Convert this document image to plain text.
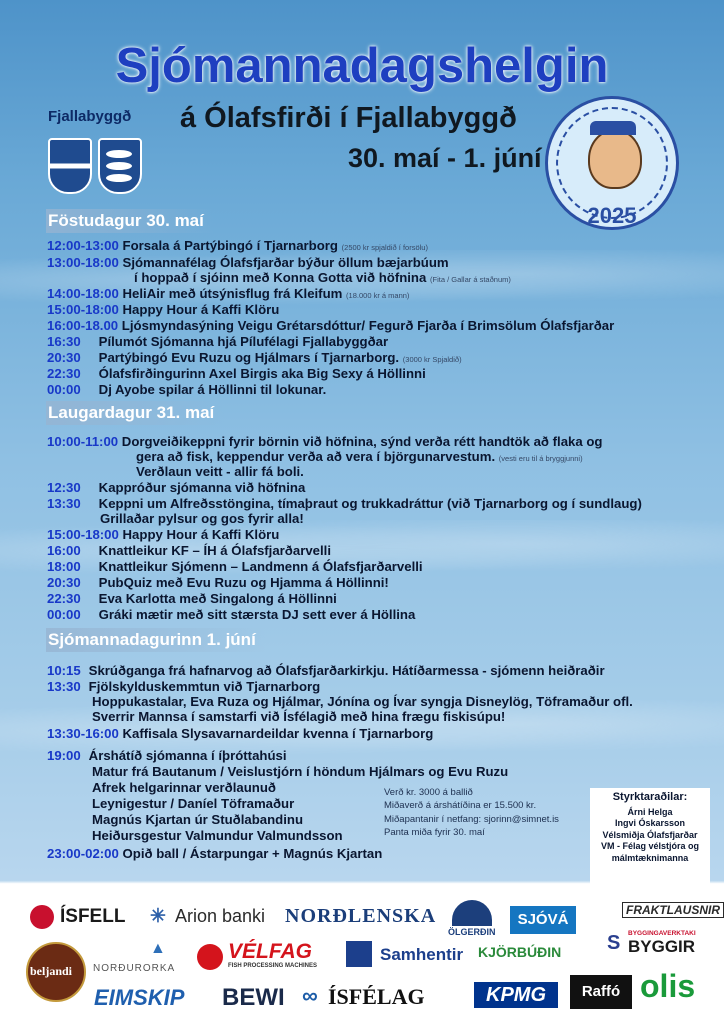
Sjómannadagshelgin
Fjallabyggð á Ólafsfirði í Fjallabyggð
30. maí - 1. júní
2025
Föstudagur 30. maí
12:00-13:00 Forsala á Partýbingó í Tjarnarborg (2500 kr spjaldið í forsölu)
13:00-18:00 Sjómannafélag Ólafsfjarðar býður öllum bæjarbúum
í hoppað í sjóinn með Konna Gotta við höfnina (Fita / Gallar á staðnum)
14:00-18:00 HeliAir með útsýnisflug frá Kleifum (18.000 kr á mann)
15:00-18:00 Happy Hour á Kaffi Klöru
16:00-18.00 Ljósmyndasýning Veigu Grétarsdóttur/ Fegurð Fjarða í Brimsölum Ólafsfjarðar
16:30 Pílumót Sjómanna hjá Pílufélagi Fjallabyggðar
20:30 Partýbingó Evu Ruzu og Hjálmars í Tjarnarborg. (3000 kr Spjaldið)
22:30 Ólafsfirðingurinn Axel Birgis aka Big Sexy á Höllinni
00:00 Dj Ayobe spilar á Höllinni til lokunar.
Laugardagur 31. maí
10:00-11:00 Dorgveiðikeppni fyrir börnin við höfnina, sýnd verða rétt handtök að flaka og
gera að fisk, keppendur verða að vera í björgunarvestum. (vesti eru til á bryggjunni)
Verðlaun veitt - allir fá boli.
12:30 Kappróður sjómanna við höfnina
13:30 Keppni um Alfreðsstöngina, tímaþraut og trukkadráttur (við Tjarnarborg og í sundlaug)
Grillaðar pylsur og gos fyrir alla!
15:00-18:00 Happy Hour á Kaffi Klöru
16:00 Knattleikur KF – ÍH á Ólafsfjarðarvelli
18:00 Knattleikur Sjómenn – Landmenn á Ólafsfjarðarvelli
20:30 PubQuiz með Evu Ruzu og Hjamma á Höllinni!
22:30 Eva Karlotta með Singalong á Höllinni
00:00 Gráki mætir með sitt stærsta DJ sett ever á Höllina
Sjómannadagurinn 1. júní
10:15 Skrúðganga frá hafnarvog að Ólafsfjarðarkirkju. Hátíðarmessa - sjómenn heiðraðir
13:30 Fjölskylduskemmtun við Tjarnarborg
Hoppukastalar, Eva Ruza og Hjálmar, Jónína og Ívar syngja Disneylög, Töframaður ofl.
Sverrir Mannsa í samstarfi við Ísfélagið með hina frægu fiskisúpu!
13:30-16:00 Kaffisala Slysavarnardeildar kvenna í Tjarnarborg
19:00 Árshátíð sjómanna í íþróttahúsi
Matur frá Bautanum / Veislustjórn í höndum Hjálmars og Evu Ruzu
Afrek helgarinnar verðlaunuð
Leynigestur / Daníel Töframaður
Magnús Kjartan úr Stuðlabandinu
Heiðursgestur Valmundur Valmundsson
23:00-02:00 Opið ball / Ástarpungar + Magnús Kjartan
Verð kr. 3000 á ballið
Miðaverð á árshátíðina er 15.500 kr.
Miðapantanir í netfang: sjorinn@simnet.is
Panta miða fyrir 30. maí
Styrktaraðilar:
Árni Helga
Ingvi Óskarsson
Vélsmiðja Ólafsfjarðar
VM - Félag vélstjóra og
málmtæknimanna
ÍSFELL ✳ Arion banki NORÐLENSKA
ÖLGERÐIN
SJÓVÁ
FRAKTLAUSNIR
S BYGGINGAVERKTAKI
BYGGIR
beljandi
▲
NORÐURORKA
VÉLFAG
FISH PROCESSING MACHINES
Samhentir KJÖRBÚÐIN
EIMSKIP BEWI ∞ ÍSFÉLAG	KPMG	Raffó olis
